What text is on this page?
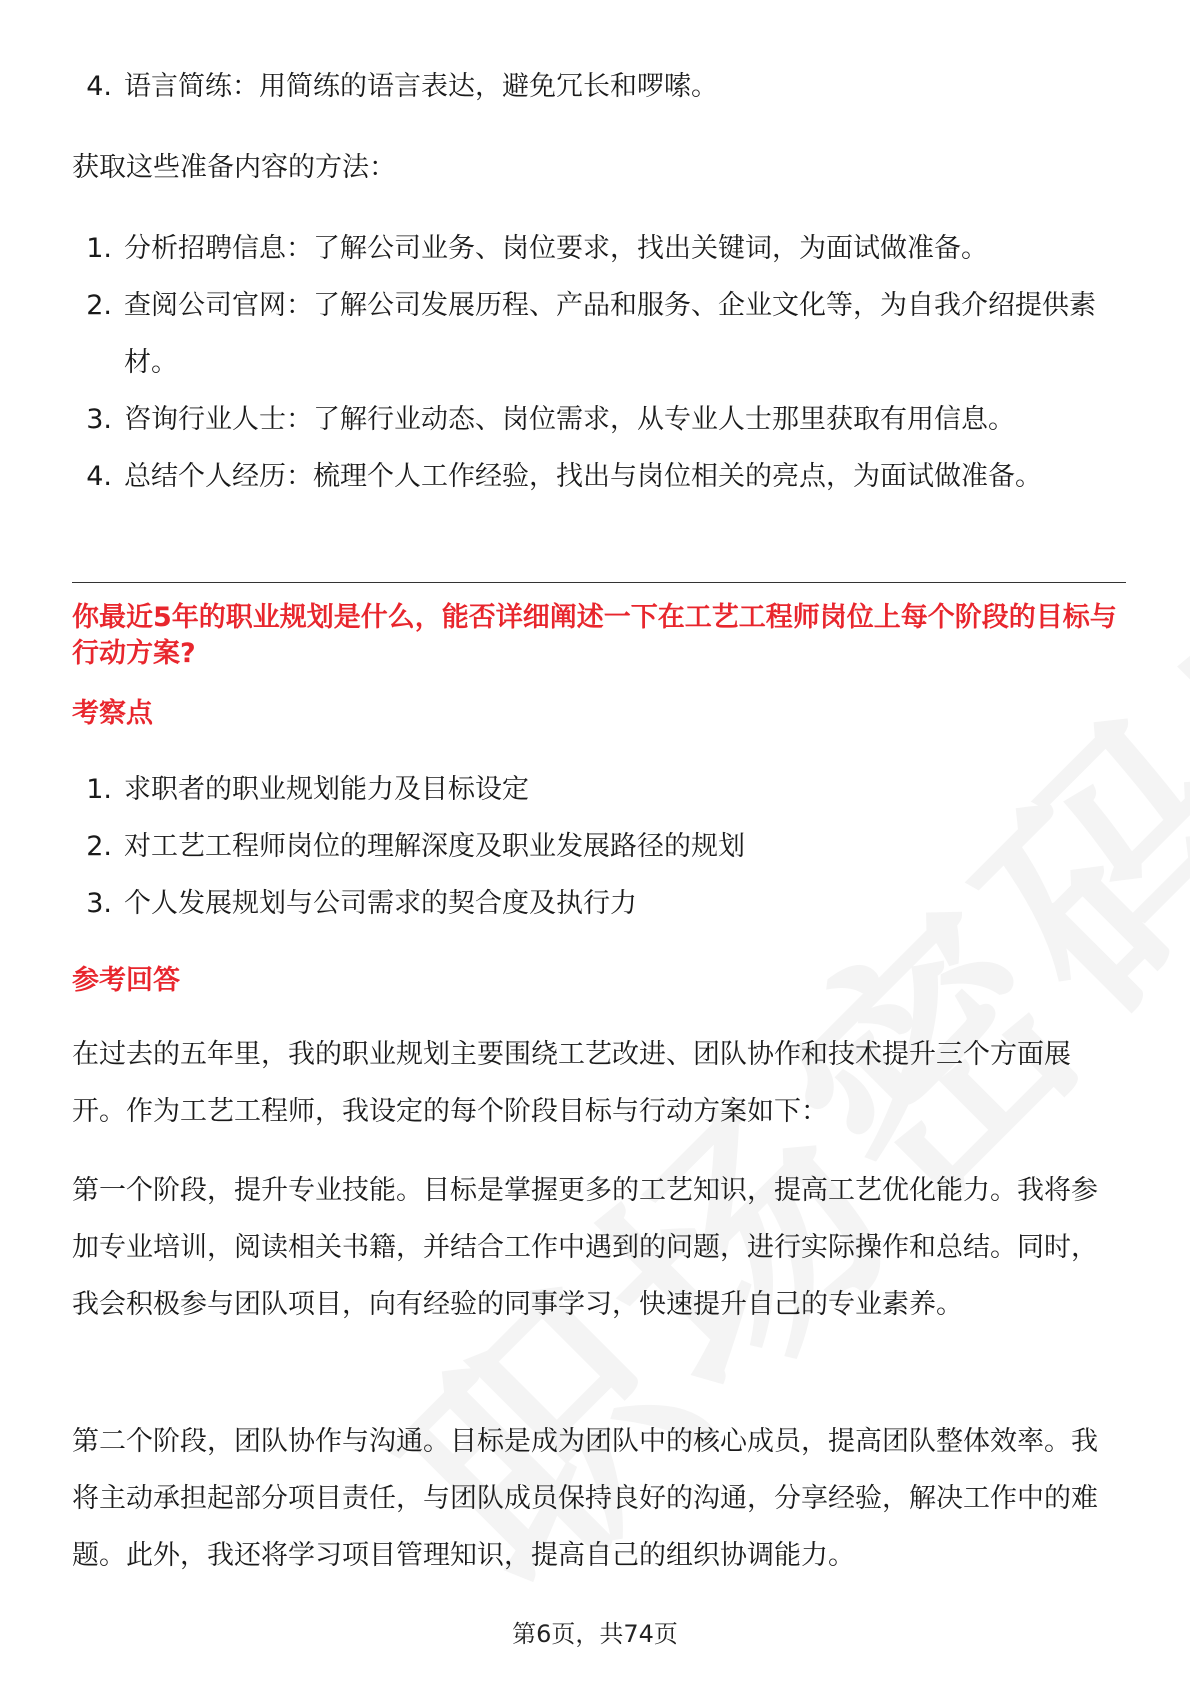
4. 语言简练：用简练的语言表达，避免冗长和啰嗦。

获取这些准备内容的方法：

1. 分析招聘信息：了解公司业务、岗位要求，找出关键词，为面试做准备。
2. 查阅公司官网：了解公司发展历程、产品和服务、企业文化等，为自我介绍提供素材。
3. 咨询行业人士：了解行业动态、岗位需求，从专业人士那里获取有用信息。
4. 总结个人经历：梳理个人工作经验，找出与岗位相关的亮点，为面试做准备。

你最近5年的职业规划是什么，能否详细阐述一下在工艺工程师岗位上每个阶段的目标与行动方案?

考察点

1. 求职者的职业规划能力及目标设定
2. 对工艺工程师岗位的理解深度及职业发展路径的规划
3. 个人发展规划与公司需求的契合度及执行力

参考回答

在过去的五年里，我的职业规划主要围绕工艺改进、团队协作和技术提升三个方面展开。作为工艺工程师，我设定的每个阶段目标与行动方案如下：

第一个阶段，提升专业技能。目标是掌握更多的工艺知识，提高工艺优化能力。我将参加专业培训，阅读相关书籍，并结合工作中遇到的问题，进行实际操作和总结。同时，我会积极参与团队项目，向有经验的同事学习，快速提升自己的专业素养。

第二个阶段，团队协作与沟通。目标是成为团队中的核心成员，提高团队整体效率。我将主动承担起部分项目责任，与团队成员保持良好的沟通，分享经验，解决工作中的难题。此外，我还将学习项目管理知识，提高自己的组织协调能力。

第6页，共74页
